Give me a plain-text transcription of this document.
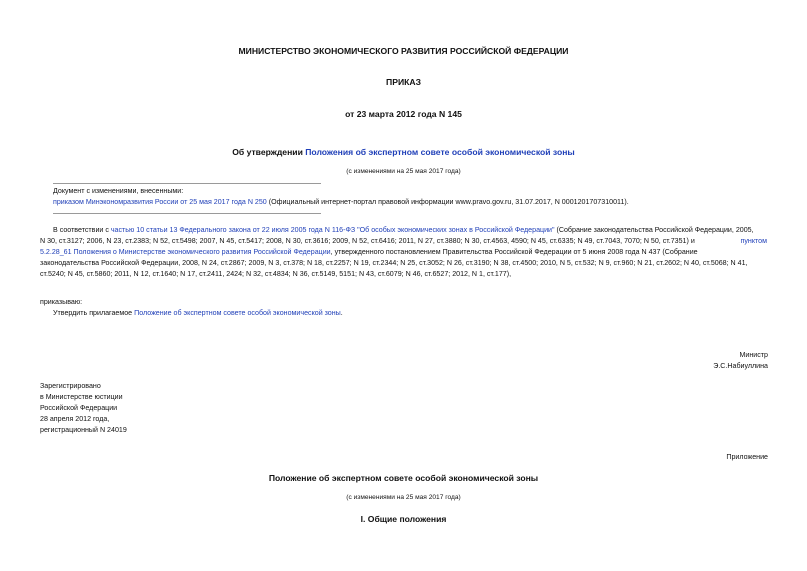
МИНИСТЕРСТВО ЭКОНОМИЧЕСКОГО РАЗВИТИЯ РОССИЙСКОЙ ФЕДЕРАЦИИ
ПРИКАЗ
от 23 марта 2012 года N 145
Об утверждении Положения об экспертном совете особой экономической зоны
(с изменениями на 25 мая 2017 года)
Документ с изменениями, внесенными:
приказом Минэкономразвития России от 25 мая 2017 года N 250 (Официальный интернет-портал правовой информации www.pravo.gov.ru, 31.07.2017, N 0001201707310011).
В соответствии с частью 10 статьи 13 Федерального закона от 22 июля 2005 года N 116-ФЗ "Об особых экономических зонах в Российской Федерации" (Собрание законодательства Российской Федерации, 2005,
N 30, ст.3127; 2006, N 23, ст.2383; N 52, ст.5498; 2007, N 45, ст.5417; 2008, N 30, ст.3616; 2009, N 52, ст.6416; 2011, N 27, ст.3880; N 30, ст.4563, 4590; N 45, ст.6335; N 49, ст.7043, 7070; N 50, ст.7351) и	пунктом
5.2.28_61 Положения о Министерстве экономического развития Российской Федерации, утвержденного постановлением Правительства Российской Федерации от 5 июня 2008 года N 437 (Собрание
законодательства Российской Федерации, 2008, N 24, ст.2867; 2009, N 3, ст.378; N 18, ст.2257; N 19, ст.2344; N 25, ст.3052; N 26, ст.3190; N 38, ст.4500; 2010, N 5, ст.532; N 9, ст.960; N 21, ст.2602; N 40, ст.5068; N 41,
ст.5240; N 45, ст.5860; 2011, N 12, ст.1640; N 17, ст.2411, 2424; N 32, ст.4834; N 36, ст.5149, 5151; N 43, ст.6079; N 46, ст.6527; 2012, N 1, ст.177),
приказываю:
Утвердить прилагаемое Положение об экспертном совете особой экономической зоны.
Министр
Э.С.Набиуллина
Зарегистрировано
в Министерстве юстиции
Российской Федерации
28 апреля 2012 года,
регистрационный N 24019
Приложение
Положение об экспертном совете особой экономической зоны
(с изменениями на 25 мая 2017 года)
I. Общие положения
